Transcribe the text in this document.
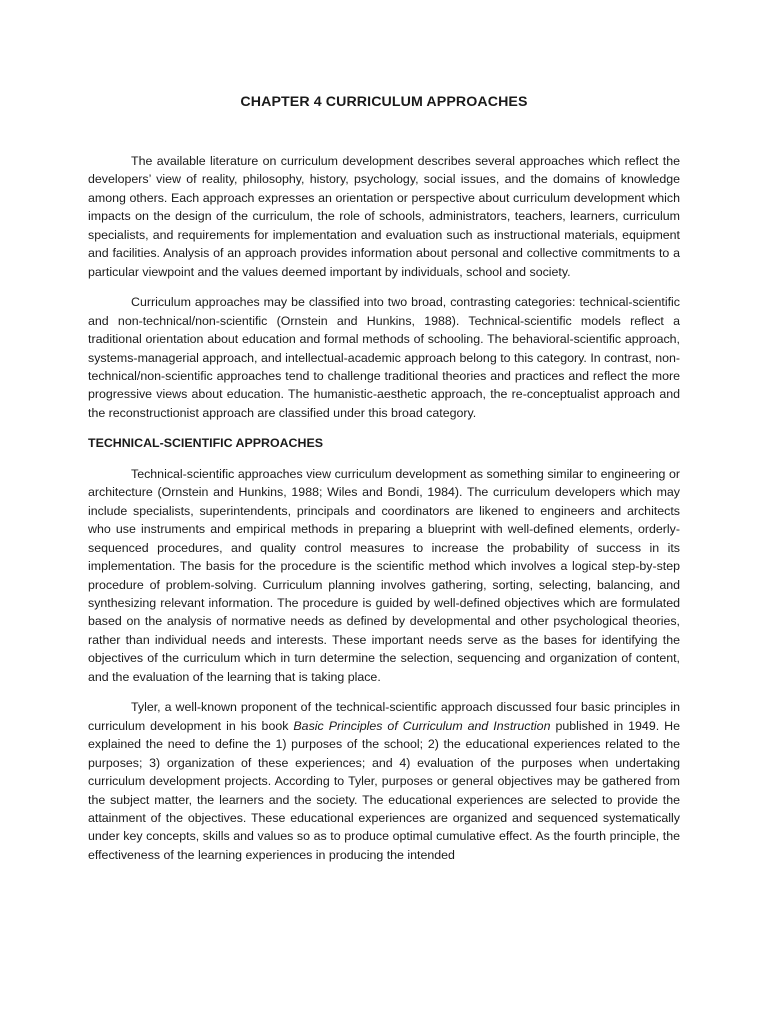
CHAPTER 4 CURRICULUM APPROACHES

The available literature on curriculum development describes several approaches which reflect the developers’ view of reality, philosophy, history, psychology, social issues, and the domains of knowledge among others. Each approach expresses an orientation or perspective about curriculum development which impacts on the design of the curriculum, the role of schools, administrators, teachers, learners, curriculum specialists, and requirements for implementation and evaluation such as instructional materials, equipment and facilities. Analysis of an approach provides information about personal and collective commitments to a particular viewpoint and the values deemed important by individuals, school and society.

Curriculum approaches may be classified into two broad, contrasting categories: technical-scientific and non-technical/non-scientific (Ornstein and Hunkins, 1988). Technical-scientific models reflect a traditional orientation about education and formal methods of schooling. The behavioral-scientific approach, systems-managerial approach, and intellectual-academic approach belong to this category. In contrast, non-technical/non-scientific approaches tend to challenge traditional theories and practices and reflect the more progressive views about education. The humanistic-aesthetic approach, the re-conceptualist approach and the reconstructionist approach are classified under this broad category.

TECHNICAL-SCIENTIFIC APPROACHES

Technical-scientific approaches view curriculum development as something similar to engineering or architecture (Ornstein and Hunkins, 1988; Wiles and Bondi, 1984). The curriculum developers which may include specialists, superintendents, principals and coordinators are likened to engineers and architects who use instruments and empirical methods in preparing a blueprint with well-defined elements, orderly-sequenced procedures, and quality control measures to increase the probability of success in its implementation. The basis for the procedure is the scientific method which involves a logical step-by-step procedure of problem-solving. Curriculum planning involves gathering, sorting, selecting, balancing, and synthesizing relevant information. The procedure is guided by well-defined objectives which are formulated based on the analysis of normative needs as defined by developmental and other psychological theories, rather than individual needs and interests. These important needs serve as the bases for identifying the objectives of the curriculum which in turn determine the selection, sequencing and organization of content, and the evaluation of the learning that is taking place.

Tyler, a well-known proponent of the technical-scientific approach discussed four basic principles in curriculum development in his book Basic Principles of Curriculum and Instruction published in 1949. He explained the need to define the 1) purposes of the school; 2) the educational experiences related to the purposes; 3) organization of these experiences; and 4) evaluation of the purposes when undertaking curriculum development projects. According to Tyler, purposes or general objectives may be gathered from the subject matter, the learners and the society. The educational experiences are selected to provide the attainment of the objectives. These educational experiences are organized and sequenced systematically under key concepts, skills and values so as to produce optimal cumulative effect. As the fourth principle, the effectiveness of the learning experiences in producing the intended
